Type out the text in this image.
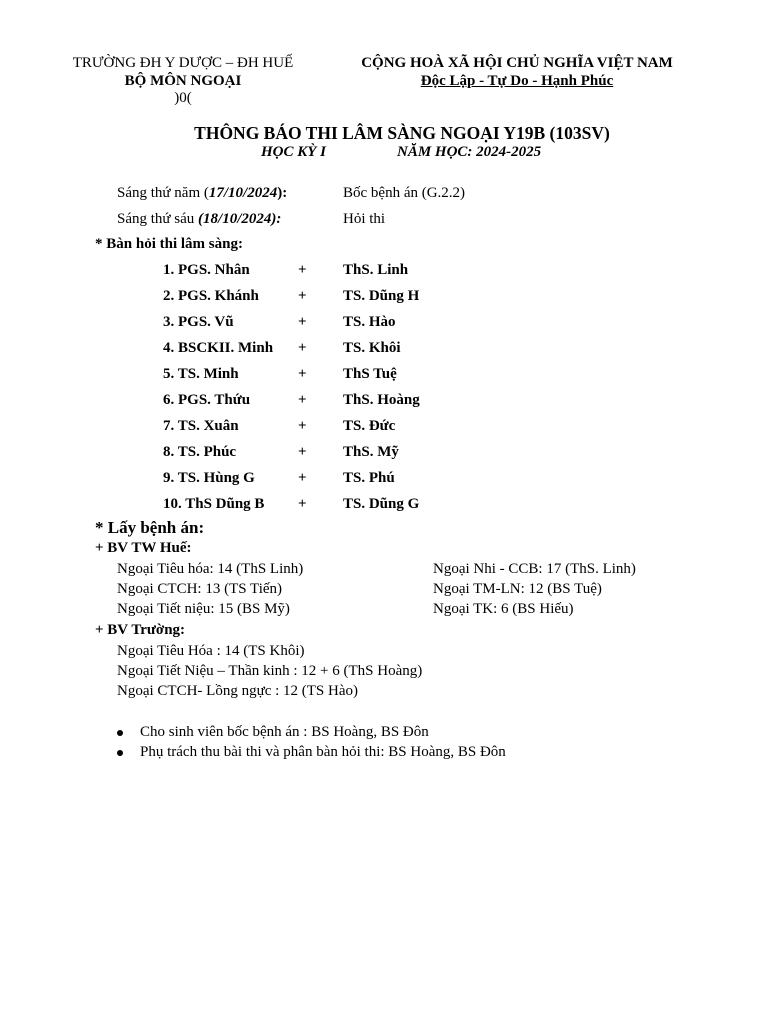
TRƯỜNG ĐH Y DƯỢC – ĐH HUẾ
BỘ MÔN NGOẠI
)0(
CỘNG HOÀ XÃ HỘI CHỦ NGHĨA VIỆT NAM
Độc Lập - Tự Do - Hạnh Phúc
THÔNG BÁO THI LÂM SÀNG NGOẠI Y19B (103SV)
HỌC KỲ I	NĂM HỌC: 2024-2025
Sáng thứ năm (17/10/2024):	Bốc bệnh án (G.2.2)
Sáng thứ sáu (18/10/2024):	Hỏi thi
* Bàn hỏi thi lâm sàng:
1. PGS. Nhân	+ ThS. Linh
2. PGS. Khánh	+ TS. Dũng H
3. PGS. Vũ	+ TS. Hào
4. BSCKII. Minh + TS. Khôi
5. TS. Minh	+ ThS Tuệ
6. PGS. Thứu	+ ThS. Hoàng
7. TS. Xuân	+ TS. Đức
8. TS. Phúc	+ ThS. Mỹ
9. TS. Hùng G	+ TS. Phú
10. ThS Dũng B + TS. Dũng G
* Lấy bệnh án:
+ BV TW Huế:
Ngoại Tiêu hóa: 14 (ThS Linh)	Ngoại Nhi - CCB: 17 (ThS. Linh)
Ngoại CTCH: 13 (TS Tiến)	Ngoại TM-LN: 12 (BS Tuệ)
Ngoại Tiết niệu: 15 (BS Mỹ)	Ngoại TK: 6 (BS Hiếu)
+ BV Trường:
Ngoại Tiêu Hóa : 14 (TS Khôi)
Ngoại Tiết Niệu – Thần kinh : 12 + 6 (ThS Hoàng)
Ngoại CTCH- Lồng ngực : 12 (TS Hào)
Cho sinh viên bốc bệnh án : BS Hoàng, BS Đôn
Phụ trách thu bài thi và phân bàn hỏi thi: BS Hoàng, BS Đôn
